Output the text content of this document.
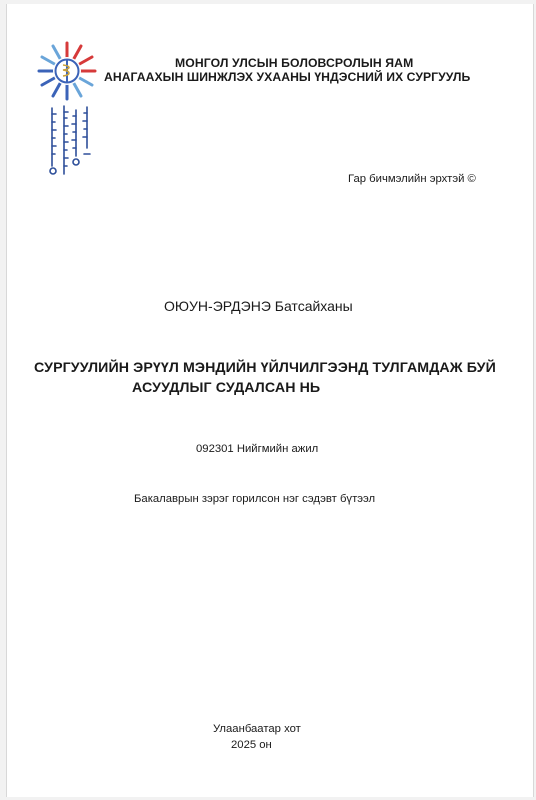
МОНГОЛ УЛСЫН БОЛОВСРОЛЫН ЯАМ
АНАГААХЫН ШИНЖЛЭХ УХААНЫ ҮНДЭСНИЙ ИХ СУРГУУЛЬ
Гар бичмэлийн эрхтэй ©
ОЮУН-ЭРДЭНЭ Батсайханы
СУРГУУЛИЙН ЭРҮҮЛ МЭНДИЙН ҮЙЛЧИЛГЭЭНД ТУЛГАМДАЖ БУЙ
АСУУДЛЫГ СУДАЛСАН НЬ
092301 Нийгмийн ажил
Бакалаврын зэрэг горилсон нэг сэдэвт бүтээл
Улаанбаатар хот
2025 он
